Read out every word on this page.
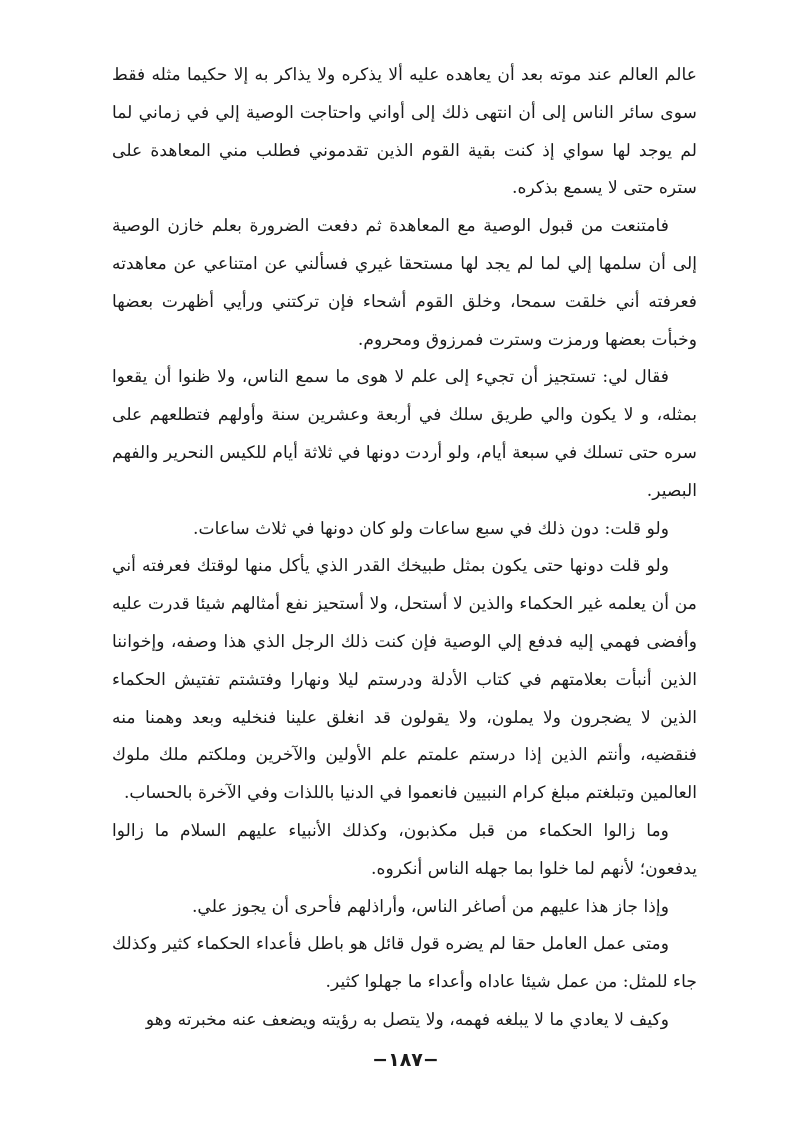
عالم العالم عند موته بعد أن يعاهده عليه ألا يذكره ولا يذاكر به إلا حكيما مثله فقط سوى سائر الناس إلى أن انتهى ذلك إلى أواني واحتاجت الوصية إلي في زماني لما لم يوجد لها سواي إذ كنت بقية القوم الذين تقدموني فطلب مني المعاهدة على ستره حتى لا يسمع بذكره.

فامتنعت من قبول الوصية مع المعاهدة ثم دفعت الضرورة بعلم خازن الوصية إلى أن سلمها إلي لما لم يجد لها مستحقا غيري فسألني عن امتناعي عن معاهدته فعرفته أني خلقت سمحا، وخلق القوم أشحاء فإن تركتني ورأيي أظهرت بعضها وخبأت بعضها ورمزت وسترت فمرزوق ومحروم.

فقال لي: تستجيز أن تجيء إلى علم لا هوى ما سمع الناس، ولا ظنوا أن يقعوا بمثله، و لا يكون والي طريق سلك في أربعة وعشرين سنة وأولهم فتطلعهم على سره حتى تسلك في سبعة أيام، ولو أردت دونها في ثلاثة أيام للكيس النحرير والفهم البصير.

ولو قلت: دون ذلك في سبع ساعات ولو كان دونها في ثلاث ساعات.

ولو قلت دونها حتى يكون بمثل طبيخك القدر الذي يأكل منها لوقتك فعرفته أني من أن يعلمه غير الحكماء والذين لا أستحل، ولا أستحيز نفع أمثالهم شيئا قدرت عليه وأفضى فهمي إليه فدفع إلي الوصية فإن كنت ذلك الرجل الذي هذا وصفه، وإخواننا الذين أنبأت بعلامتهم في كتاب الأدلة ودرستم ليلا ونهارا وفتشتم تفتيش الحكماء الذين لا يضجرون ولا يملون، ولا يقولون قد انغلق علينا فنخليه وبعد وهمنا منه فنقضيه، وأنتم الذين إذا درستم علمتم علم الأولين والآخرين وملكتم ملك ملوك العالمين وتبلغتم مبلغ كرام النبيين فانعموا في الدنيا باللذات وفي الآخرة بالحساب.

وما زالوا الحكماء من قبل مكذبون، وكذلك الأنبياء عليهم السلام ما زالوا يدفعون؛ لأنهم لما خلوا بما جهله الناس أنكروه.

وإذا جاز هذا عليهم من أصاغر الناس، وأراذلهم فأحرى أن يجوز علي.

ومتى عمل العامل حقا لم يضره قول قائل هو باطل فأعداء الحكماء كثير وكذلك جاء للمثل: من عمل شيئا عاداه وأعداء ما جهلوا كثير.

وكيف لا يعادي ما لا يبلغه فهمه، ولا يتصل به رؤيته ويضعف عنه مخبرته وهو

−١٨٧−
